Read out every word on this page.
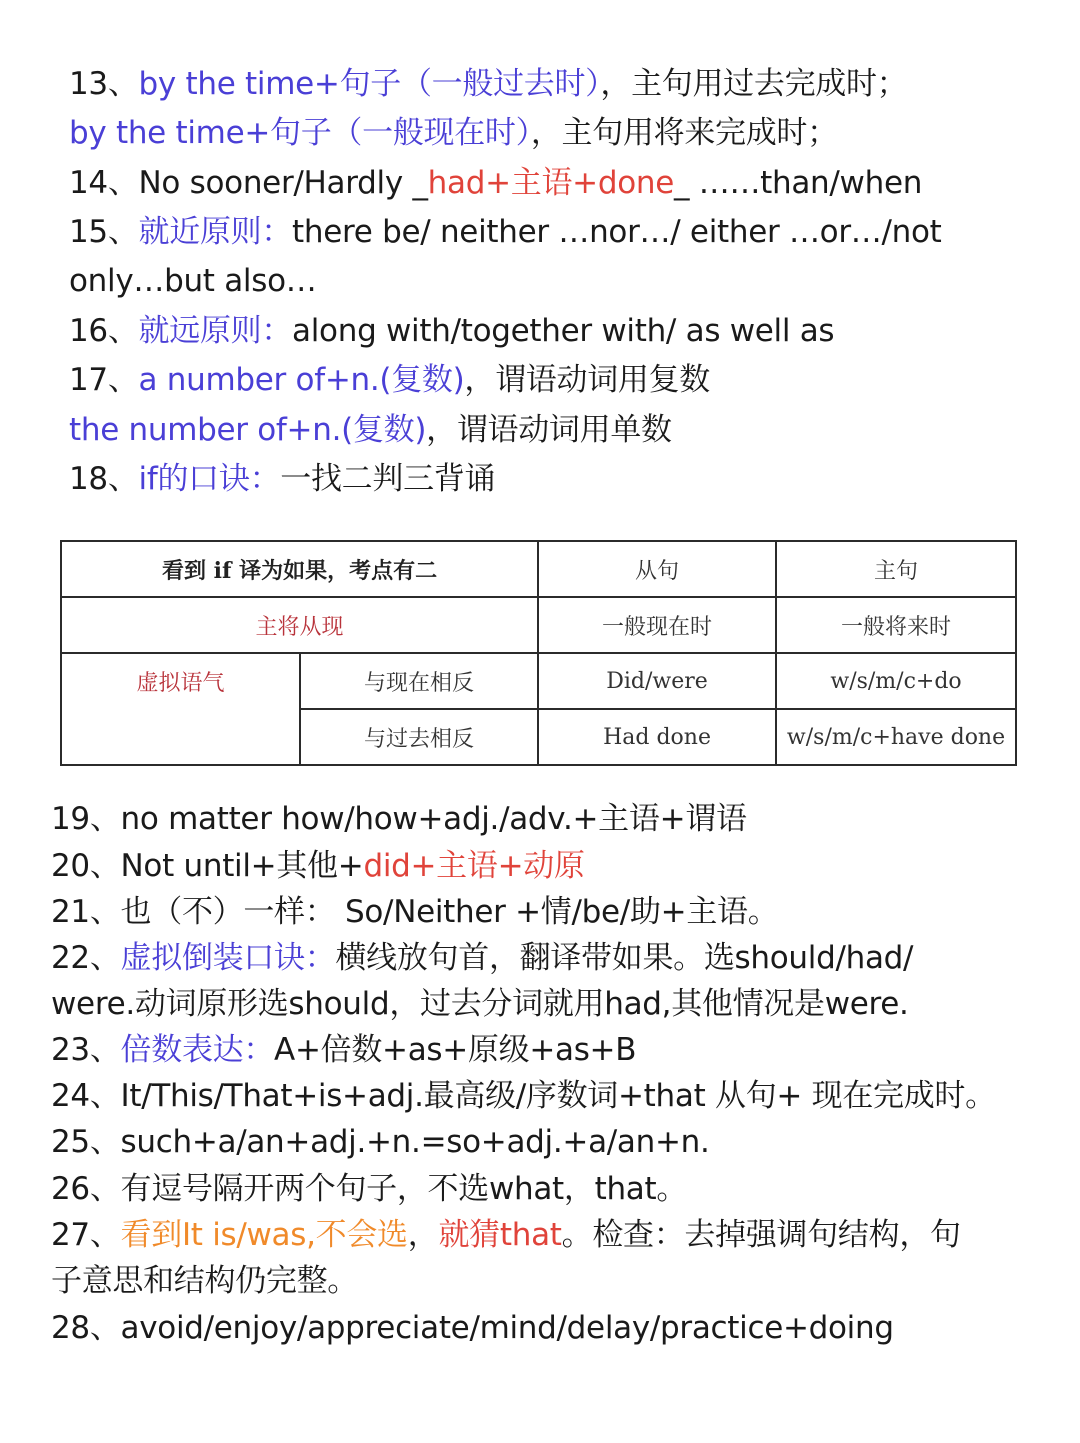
13、by the time+句子（一般过去时），主句用过去完成时；
by the time+句子（一般现在时），主句用将来完成时；
14、No sooner/Hardly _had+主语+done_ ……than/when
15、就近原则：there be/ neither …nor…/ either …or…/not
only…but also…
16、就远原则：along with/together with/ as well as
17、a number of+n.(复数)，谓语动词用复数
the number of+n.(复数)，谓语动词用单数
18、if的口诀：一找二判三背诵
看到 if 译为如果，考点有二		从句	主句
主将从现		一般现在时	一般将来时
虚拟语气	与现在相反	Did/were	w/s/m/c+do
	与过去相反	Had done	w/s/m/c+have done
19、no matter how/how+adj./adv.+主语+谓语
20、Not until+其他+did+主语+动原
21、也（不）一样： So/Neither +情/be/助+主语。
22、虚拟倒装口诀：横线放句首，翻译带如果。选should/had/
were.动词原形选should，过去分词就用had,其他情况是were.
23、倍数表达：A+倍数+as+原级+as+B
24、It/This/That+is+adj.最高级/序数词+that 从句+ 现在完成时。
25、such+a/an+adj.+n.=so+adj.+a/an+n.
26、有逗号隔开两个句子，不选what，that。
27、看到It is/was,不会选，就猜that。检查：去掉强调句结构，句
子意思和结构仍完整。
28、avoid/enjoy/appreciate/mind/delay/practice+doing
